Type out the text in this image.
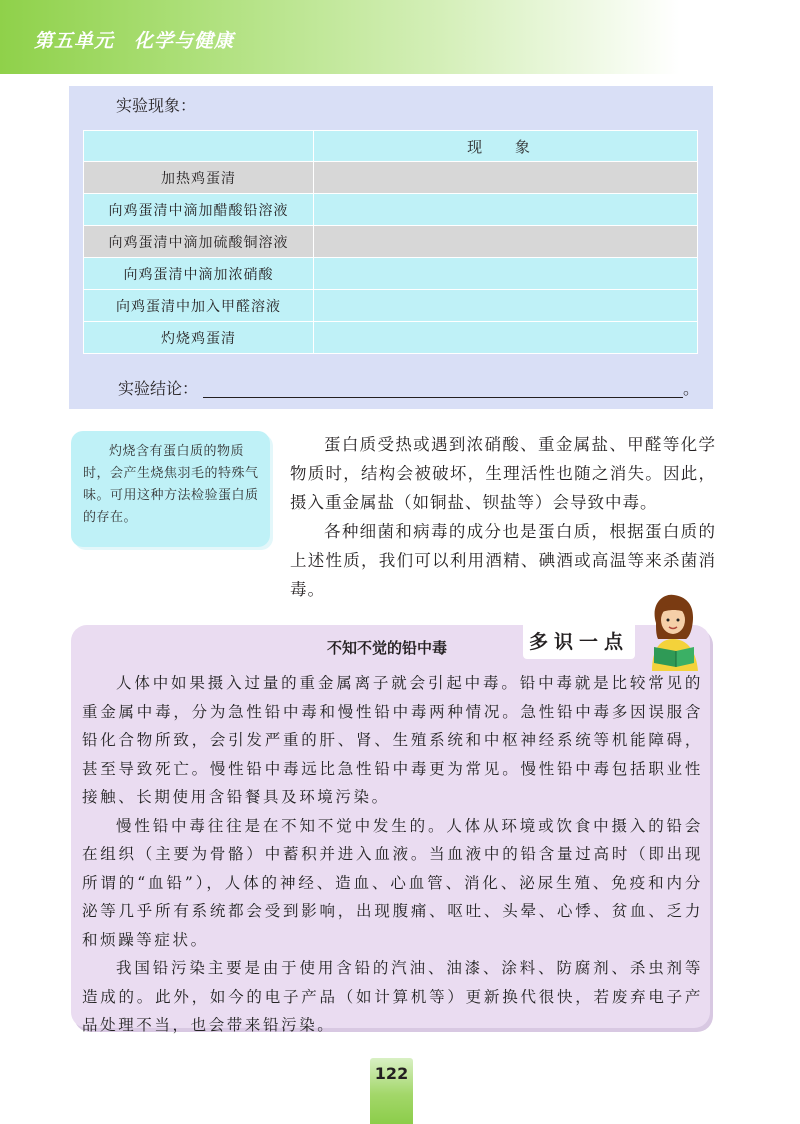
第五单元 化学与健康
实验现象：
	现 象
加热鸡蛋清	
向鸡蛋清中滴加醋酸铅溶液	
向鸡蛋清中滴加硫酸铜溶液	
向鸡蛋清中滴加浓硝酸	
向鸡蛋清中加入甲醛溶液	
灼烧鸡蛋清	
实验结论：	。

灼烧含有蛋白质的物质时，会产生烧焦羽毛的特殊气味。可用这种方法检验蛋白质的存在。

蛋白质受热或遇到浓硝酸、重金属盐、甲醛等化学物质时，结构会被破坏，生理活性也随之消失。因此，摄入重金属盐（如铜盐、钡盐等）会导致中毒。

各种细菌和病毒的成分也是蛋白质，根据蛋白质的上述性质，我们可以利用酒精、碘酒或高温等来杀菌消毒。

不知不觉的铅中毒	多识一点

人体中如果摄入过量的重金属离子就会引起中毒。铅中毒就是比较常见的重金属中毒，分为急性铅中毒和慢性铅中毒两种情况。急性铅中毒多因误服含铅化合物所致，会引发严重的肝、肾、生殖系统和中枢神经系统等机能障碍，甚至导致死亡。慢性铅中毒远比急性铅中毒更为常见。慢性铅中毒包括职业性接触、长期使用含铅餐具及环境污染。

慢性铅中毒往往是在不知不觉中发生的。人体从环境或饮食中摄入的铅会在组织（主要为骨骼）中蓄积并进入血液。当血液中的铅含量过高时（即出现所谓的“血铅”），人体的神经、造血、心血管、消化、泌尿生殖、免疫和内分泌等几乎所有系统都会受到影响，出现腹痛、呕吐、头晕、心悸、贫血、乏力和烦躁等症状。

我国铅污染主要是由于使用含铅的汽油、油漆、涂料、防腐剂、杀虫剂等造成的。此外，如今的电子产品（如计算机等）更新换代很快，若废弃电子产品处理不当，也会带来铅污染。

122
